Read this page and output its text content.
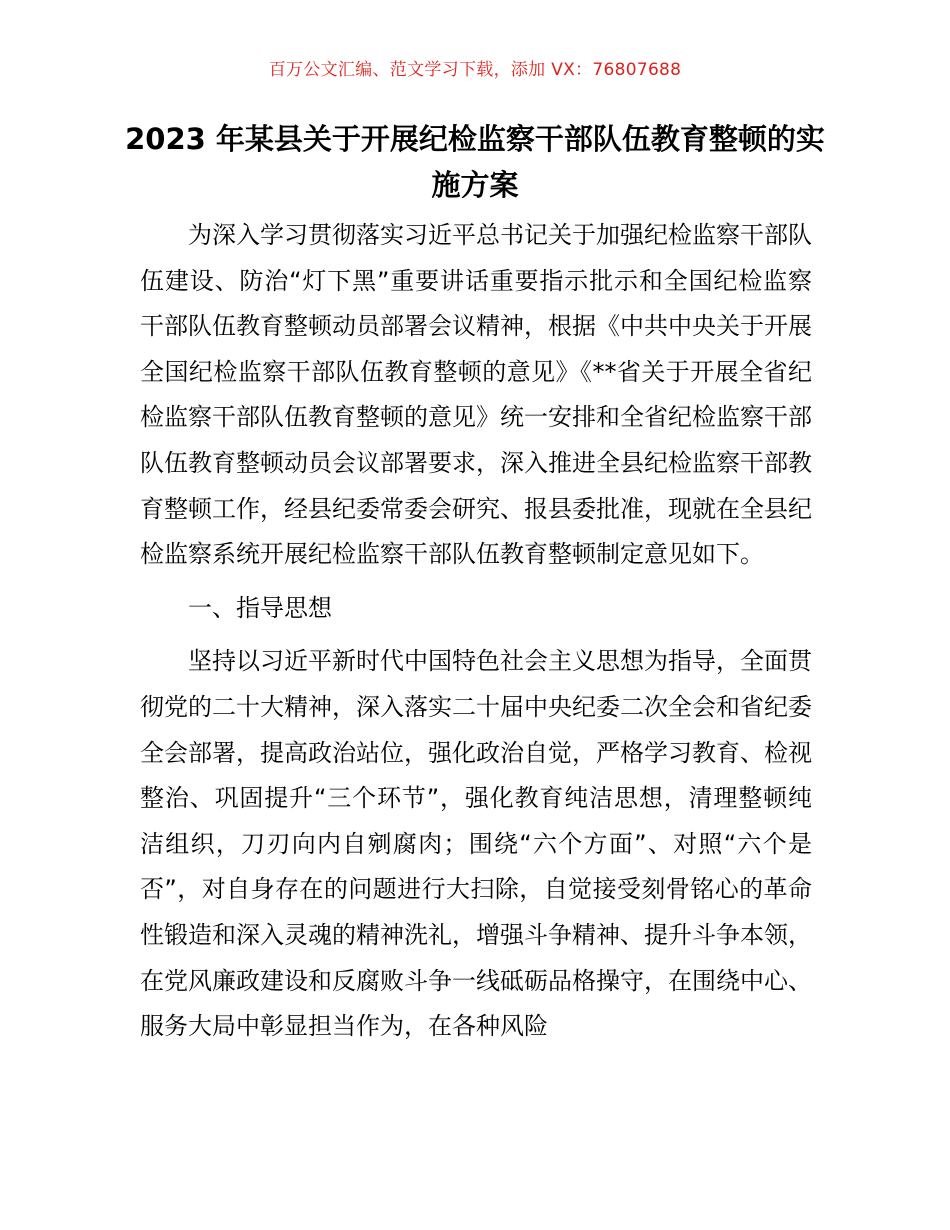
百万公文汇编、范文学习下载，添加 VX：76807688
2023 年某县关于开展纪检监察干部队伍教育整顿的实施方案

为深入学习贯彻落实习近平总书记关于加强纪检监察干部队伍建设、防治“灯下黑”重要讲话重要指示批示和全国纪检监察干部队伍教育整顿动员部署会议精神，根据《中共中央关于开展全国纪检监察干部队伍教育整顿的意见》《**省关于开展全省纪检监察干部队伍教育整顿的意见》统一安排和全省纪检监察干部队伍教育整顿动员会议部署要求，深入推进全县纪检监察干部教育整顿工作，经县纪委常委会研究、报县委批准，现就在全县纪检监察系统开展纪检监察干部队伍教育整顿制定意见如下。

一、指导思想

坚持以习近平新时代中国特色社会主义思想为指导，全面贯彻党的二十大精神，深入落实二十届中央纪委二次全会和省纪委全会部署，提高政治站位，强化政治自觉，严格学习教育、检视整治、巩固提升“三个环节”，强化教育纯洁思想，清理整顿纯洁组织，刀刃向内自剜腐肉；围绕“六个方面”、对照“六个是否”，对自身存在的问题进行大扫除，自觉接受刻骨铭心的革命性锻造和深入灵魂的精神洗礼，增强斗争精神、提升斗争本领，在党风廉政建设和反腐败斗争一线砥砺品格操守，在围绕中心、服务大局中彰显担当作为，在各种风险
